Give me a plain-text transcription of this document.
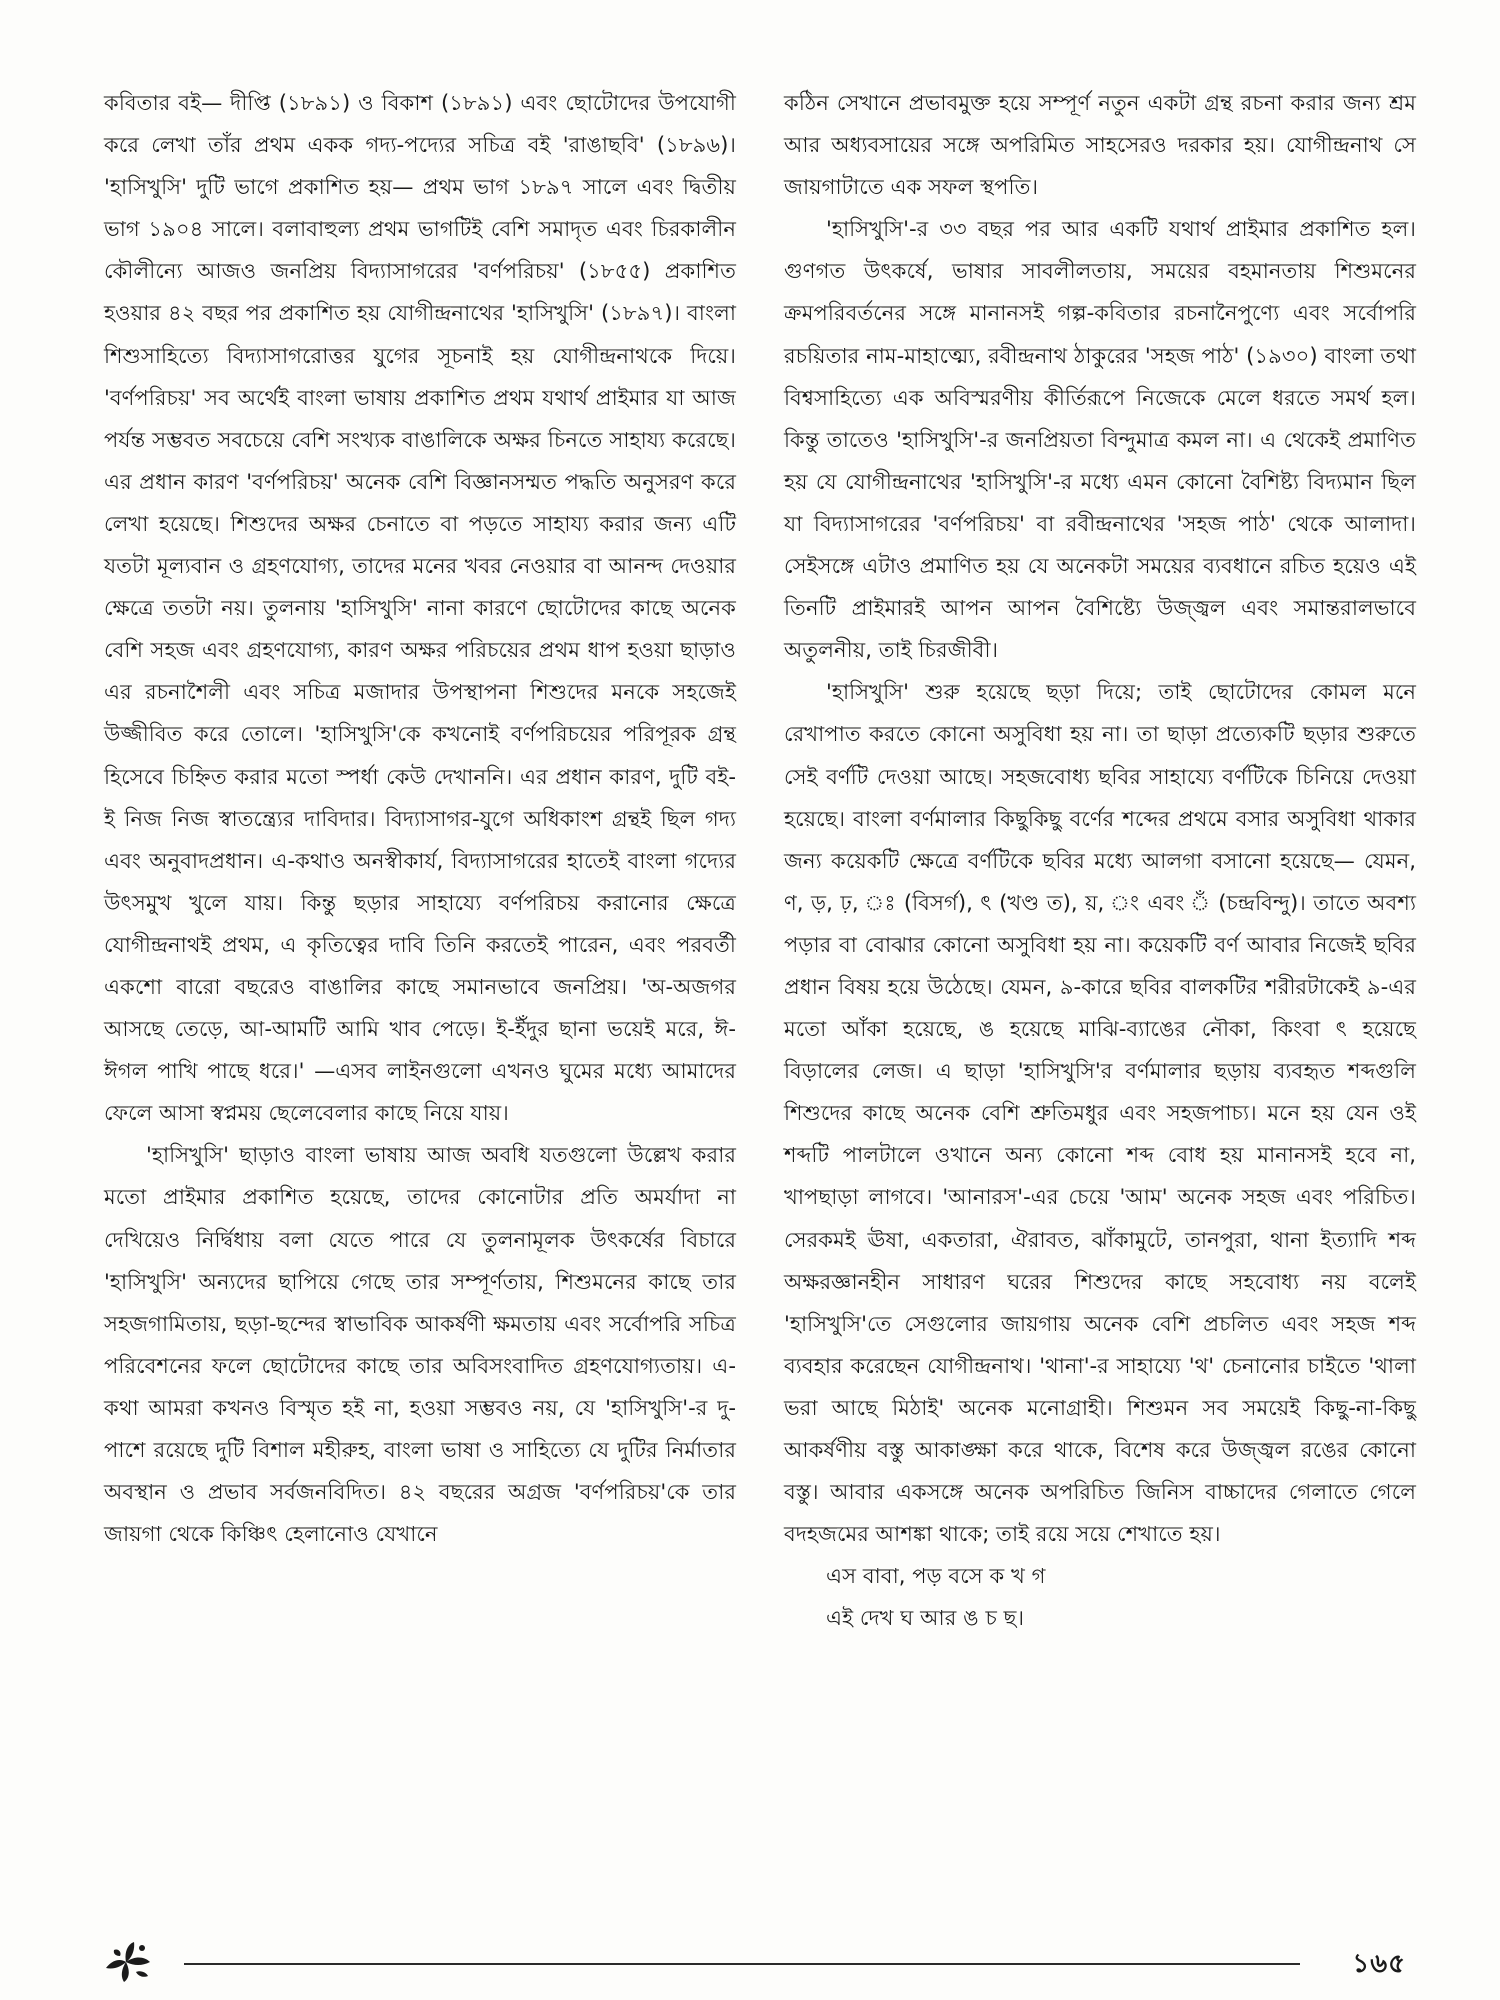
কবিতার বই— দীপ্তি (১৮৯১) ও বিকাশ (১৮৯১) এবং ছোটোদের উপযোগী করে লেখা তাঁর প্রথম একক গদ্য-পদ্যের সচিত্র বই 'রাঙাছবি' (১৮৯৬)। 'হাসিখুসি' দুটি ভাগে প্রকাশিত হয়— প্রথম ভাগ ১৮৯৭ সালে এবং দ্বিতীয় ভাগ ১৯০৪ সালে। বলাবাহুল্য প্রথম ভাগটিই বেশি সমাদৃত এবং চিরকালীন কৌলীন্যে আজও জনপ্রিয় বিদ্যাসাগরের 'বর্ণপরিচয়' (১৮৫৫) প্রকাশিত হওয়ার ৪২ বছর পর প্রকাশিত হয় যোগীন্দ্রনাথের 'হাসিখুসি' (১৮৯৭)। বাংলা শিশুসাহিত্যে বিদ্যাসাগরোত্তর যুগের সূচনাই হয় যোগীন্দ্রনাথকে দিয়ে। 'বর্ণপরিচয়' সব অর্থেই বাংলা ভাষায় প্রকাশিত প্রথম যথার্থ প্রাইমার যা আজ পর্যন্ত সম্ভবত সবচেয়ে বেশি সংখ্যক বাঙালিকে অক্ষর চিনতে সাহায্য করেছে। এর প্রধান কারণ 'বর্ণপরিচয়' অনেক বেশি বিজ্ঞানসম্মত পদ্ধতি অনুসরণ করে লেখা হয়েছে। শিশুদের অক্ষর চেনাতে বা পড়তে সাহায্য করার জন্য এটি যতটা মূল্যবান ও গ্রহণযোগ্য, তাদের মনের খবর নেওয়ার বা আনন্দ দেওয়ার ক্ষেত্রে ততটা নয়। তুলনায় 'হাসিখুসি' নানা কারণে ছোটোদের কাছে অনেক বেশি সহজ এবং গ্রহণযোগ্য, কারণ অক্ষর পরিচয়ের প্রথম ধাপ হওয়া ছাড়াও এর রচনাশৈলী এবং সচিত্র মজাদার উপস্থাপনা শিশুদের মনকে সহজেই উজ্জীবিত করে তোলে। 'হাসিখুসি'কে কখনোই বর্ণপরিচয়ের পরিপূরক গ্রন্থ হিসেবে চিহ্নিত করার মতো স্পর্ধা কেউ দেখাননি। এর প্রধান কারণ, দুটি বই-ই নিজ নিজ স্বাতন্ত্র্যের দাবিদার। বিদ্যাসাগর-যুগে অধিকাংশ গ্রন্থই ছিল গদ্য এবং অনুবাদপ্রধান। এ-কথাও অনস্বীকার্য, বিদ্যাসাগরের হাতেই বাংলা গদ্যের উৎসমুখ খুলে যায়। কিন্তু ছড়ার সাহায্যে বর্ণপরিচয় করানোর ক্ষেত্রে যোগীন্দ্রনাথই প্রথম, এ কৃতিত্বের দাবি তিনি করতেই পারেন, এবং পরবর্তী একশো বারো বছরেও বাঙালির কাছে সমানভাবে জনপ্রিয়। 'অ-অজগর আসছে তেড়ে, আ-আমটি আমি খাব পেড়ে। ই-ইঁদুর ছানা ভয়েই মরে, ঈ-ঈগল পাখি পাছে ধরে।' —এসব লাইনগুলো এখনও ঘুমের মধ্যে আমাদের ফেলে আসা স্বপ্নময় ছেলেবেলার কাছে নিয়ে যায়।

'হাসিখুসি' ছাড়াও বাংলা ভাষায় আজ অবধি যতগুলো উল্লেখ করার মতো প্রাইমার প্রকাশিত হয়েছে, তাদের কোনোটার প্রতি অমর্যাদা না দেখিয়েও নির্দ্বিধায় বলা যেতে পারে যে তুলনামূলক উৎকর্ষের বিচারে 'হাসিখুসি' অন্যদের ছাপিয়ে গেছে তার সম্পূর্ণতায়, শিশুমনের কাছে তার সহজগামিতায়, ছড়া-ছন্দের স্বাভাবিক আকর্ষণী ক্ষমতায় এবং সর্বোপরি সচিত্র পরিবেশনের ফলে ছোটোদের কাছে তার অবিসংবাদিত গ্রহণযোগ্যতায়। এ-কথা আমরা কখনও বিস্মৃত হই না, হওয়া সম্ভবও নয়, যে 'হাসিখুসি'-র দু-পাশে রয়েছে দুটি বিশাল মহীরুহ, বাংলা ভাষা ও সাহিত্যে যে দুটির নির্মাতার অবস্থান ও প্রভাব সর্বজনবিদিত। ৪২ বছরের অগ্রজ 'বর্ণপরিচয়'কে তার জায়গা থেকে কিঞ্চিৎ হেলানোও যেখানে

কঠিন সেখানে প্রভাবমুক্ত হয়ে সম্পূর্ণ নতুন একটা গ্রন্থ রচনা করার জন্য শ্রম আর অধ্যবসায়ের সঙ্গে অপরিমিত সাহসেরও দরকার হয়। যোগীন্দ্রনাথ সে জায়গাটাতে এক সফল স্থপতি।

'হাসিখুসি'-র ৩৩ বছর পর আর একটি যথার্থ প্রাইমার প্রকাশিত হল। গুণগত উৎকর্ষে, ভাষার সাবলীলতায়, সময়ের বহমানতায় শিশুমনের ক্রমপরিবর্তনের সঙ্গে মানানসই গল্প-কবিতার রচনানৈপুণ্যে এবং সর্বোপরি রচয়িতার নাম-মাহাত্ম্যে, রবীন্দ্রনাথ ঠাকুরের 'সহজ পাঠ' (১৯৩০) বাংলা তথা বিশ্বসাহিত্যে এক অবিস্মরণীয় কীর্তিরূপে নিজেকে মেলে ধরতে সমর্থ হল। কিন্তু তাতেও 'হাসিখুসি'-র জনপ্রিয়তা বিন্দুমাত্র কমল না। এ থেকেই প্রমাণিত হয় যে যোগীন্দ্রনাথের 'হাসিখুসি'-র মধ্যে এমন কোনো বৈশিষ্ট্য বিদ্যমান ছিল যা বিদ্যাসাগরের 'বর্ণপরিচয়' বা রবীন্দ্রনাথের 'সহজ পাঠ' থেকে আলাদা। সেইসঙ্গে এটাও প্রমাণিত হয় যে অনেকটা সময়ের ব্যবধানে রচিত হয়েও এই তিনটি প্রাইমারই আপন আপন বৈশিষ্ট্যে উজ্জ্বল এবং সমান্তরালভাবে অতুলনীয়, তাই চিরজীবী।

'হাসিখুসি' শুরু হয়েছে ছড়া দিয়ে; তাই ছোটোদের কোমল মনে রেখাপাত করতে কোনো অসুবিধা হয় না। তা ছাড়া প্রত্যেকটি ছড়ার শুরুতে সেই বর্ণটি দেওয়া আছে। সহজবোধ্য ছবির সাহায্যে বর্ণটিকে চিনিয়ে দেওয়া হয়েছে। বাংলা বর্ণমালার কিছুকিছু বর্ণের শব্দের প্রথমে বসার অসুবিধা থাকার জন্য কয়েকটি ক্ষেত্রে বর্ণটিকে ছবির মধ্যে আলগা বসানো হয়েছে— যেমন, ণ, ড়, ঢ়, ঃ (বিসর্গ), ৎ (খণ্ড ত), য়, ং এবং ঁ (চন্দ্রবিন্দু)। তাতে অবশ্য পড়ার বা বোঝার কোনো অসুবিধা হয় না। কয়েকটি বর্ণ আবার নিজেই ছবির প্রধান বিষয় হয়ে উঠেছে। যেমন, ৯-কারে ছবির বালকটির শরীরটাকেই ৯-এর মতো আঁকা হয়েছে, ঙ হয়েছে মাঝি-ব্যাঙের নৌকা, কিংবা ৎ হয়েছে বিড়ালের লেজ। এ ছাড়া 'হাসিখুসি'র বর্ণমালার ছড়ায় ব্যবহৃত শব্দগুলি শিশুদের কাছে অনেক বেশি শ্রুতিমধুর এবং সহজপাচ্য। মনে হয় যেন ওই শব্দটি পালটালে ওখানে অন্য কোনো শব্দ বোধ হয় মানানসই হবে না, খাপছাড়া লাগবে। 'আনারস'-এর চেয়ে 'আম' অনেক সহজ এবং পরিচিত। সেরকমই ঊষা, একতারা, ঐরাবত, ঝাঁকামুটে, তানপুরা, থানা ইত্যাদি শব্দ অক্ষরজ্ঞানহীন সাধারণ ঘরের শিশুদের কাছে সহবোধ্য নয় বলেই 'হাসিখুসি'তে সেগুলোর জায়গায় অনেক বেশি প্রচলিত এবং সহজ শব্দ ব্যবহার করেছেন যোগীন্দ্রনাথ। 'থানা'-র সাহায্যে 'থ' চেনানোর চাইতে 'থালা ভরা আছে মিঠাই' অনেক মনোগ্রাহী। শিশুমন সব সময়েই কিছু-না-কিছু আকর্ষণীয় বস্তু আকাঙ্ক্ষা করে থাকে, বিশেষ করে উজ্জ্বল রঙের কোনো বস্তু। আবার একসঙ্গে অনেক অপরিচিত জিনিস বাচ্চাদের গেলাতে গেলে বদহজমের আশঙ্কা থাকে; তাই রয়ে সয়ে শেখাতে হয়।

এস বাবা, পড় বসে ক খ গ
এই দেখ ঘ আর ঙ চ ছ।

১৬৫
